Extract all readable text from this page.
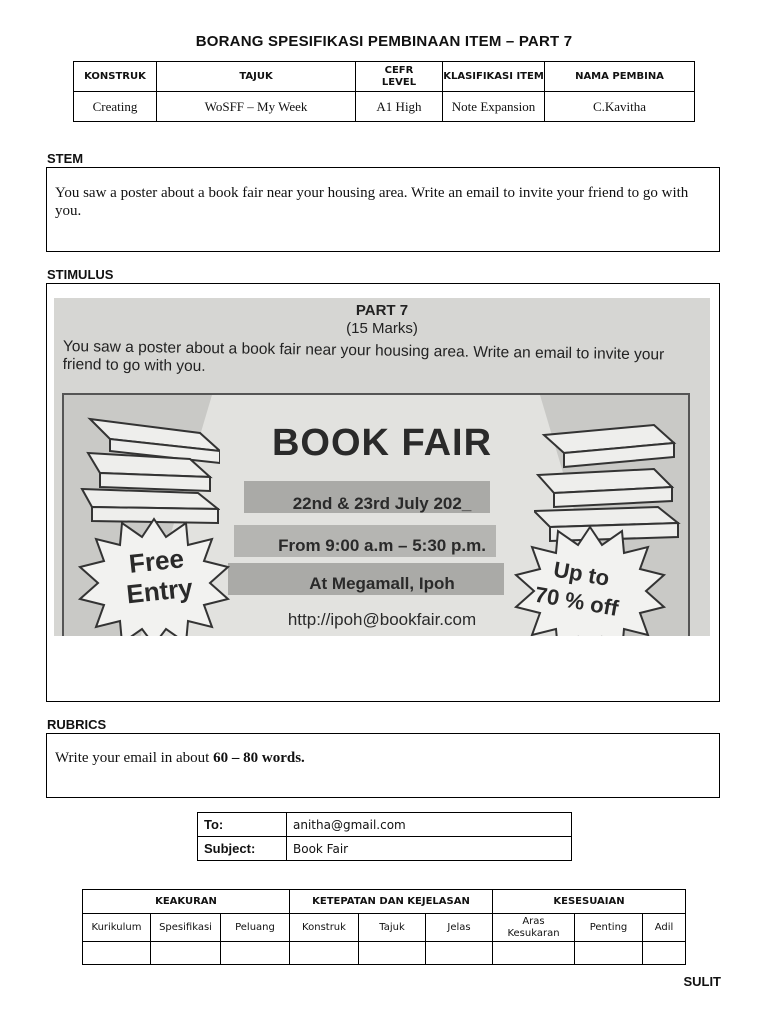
BORANG SPESIFIKASI PEMBINAAN ITEM – PART 7
KONSTRUK	TAJUK	CEFR LEVEL	KLASIFIKASI ITEM	NAMA PEMBINA
Creating	WoSFF – My Week	A1 High	Note Expansion	C.Kavitha
STEM
You saw a poster about a book fair near your housing area. Write an email to invite your friend to go with you.
STIMULUS
PART 7
(15 Marks)
You saw a poster about a book fair near your housing area. Write an email to invite your friend to go with you.
BOOK FAIR
22nd & 23rd July 202_
From 9:00 a.m – 5:30 p.m.
At Megamall, Ipoh
http://ipoh@bookfair.com
Free
Entry	Up to
70 % off
RUBRICS
Write your email in about 60 – 80 words.
To:	anitha@gmail.com
Subject:	Book Fair
KEAKURAN			KETEPATAN DAN KEJELASAN			KESESUAIAN		
Kurikulum	Spesifikasi	Peluang	Konstruk	Tajuk	Jelas	Aras Kesukaran	Penting	Adil

SULIT
